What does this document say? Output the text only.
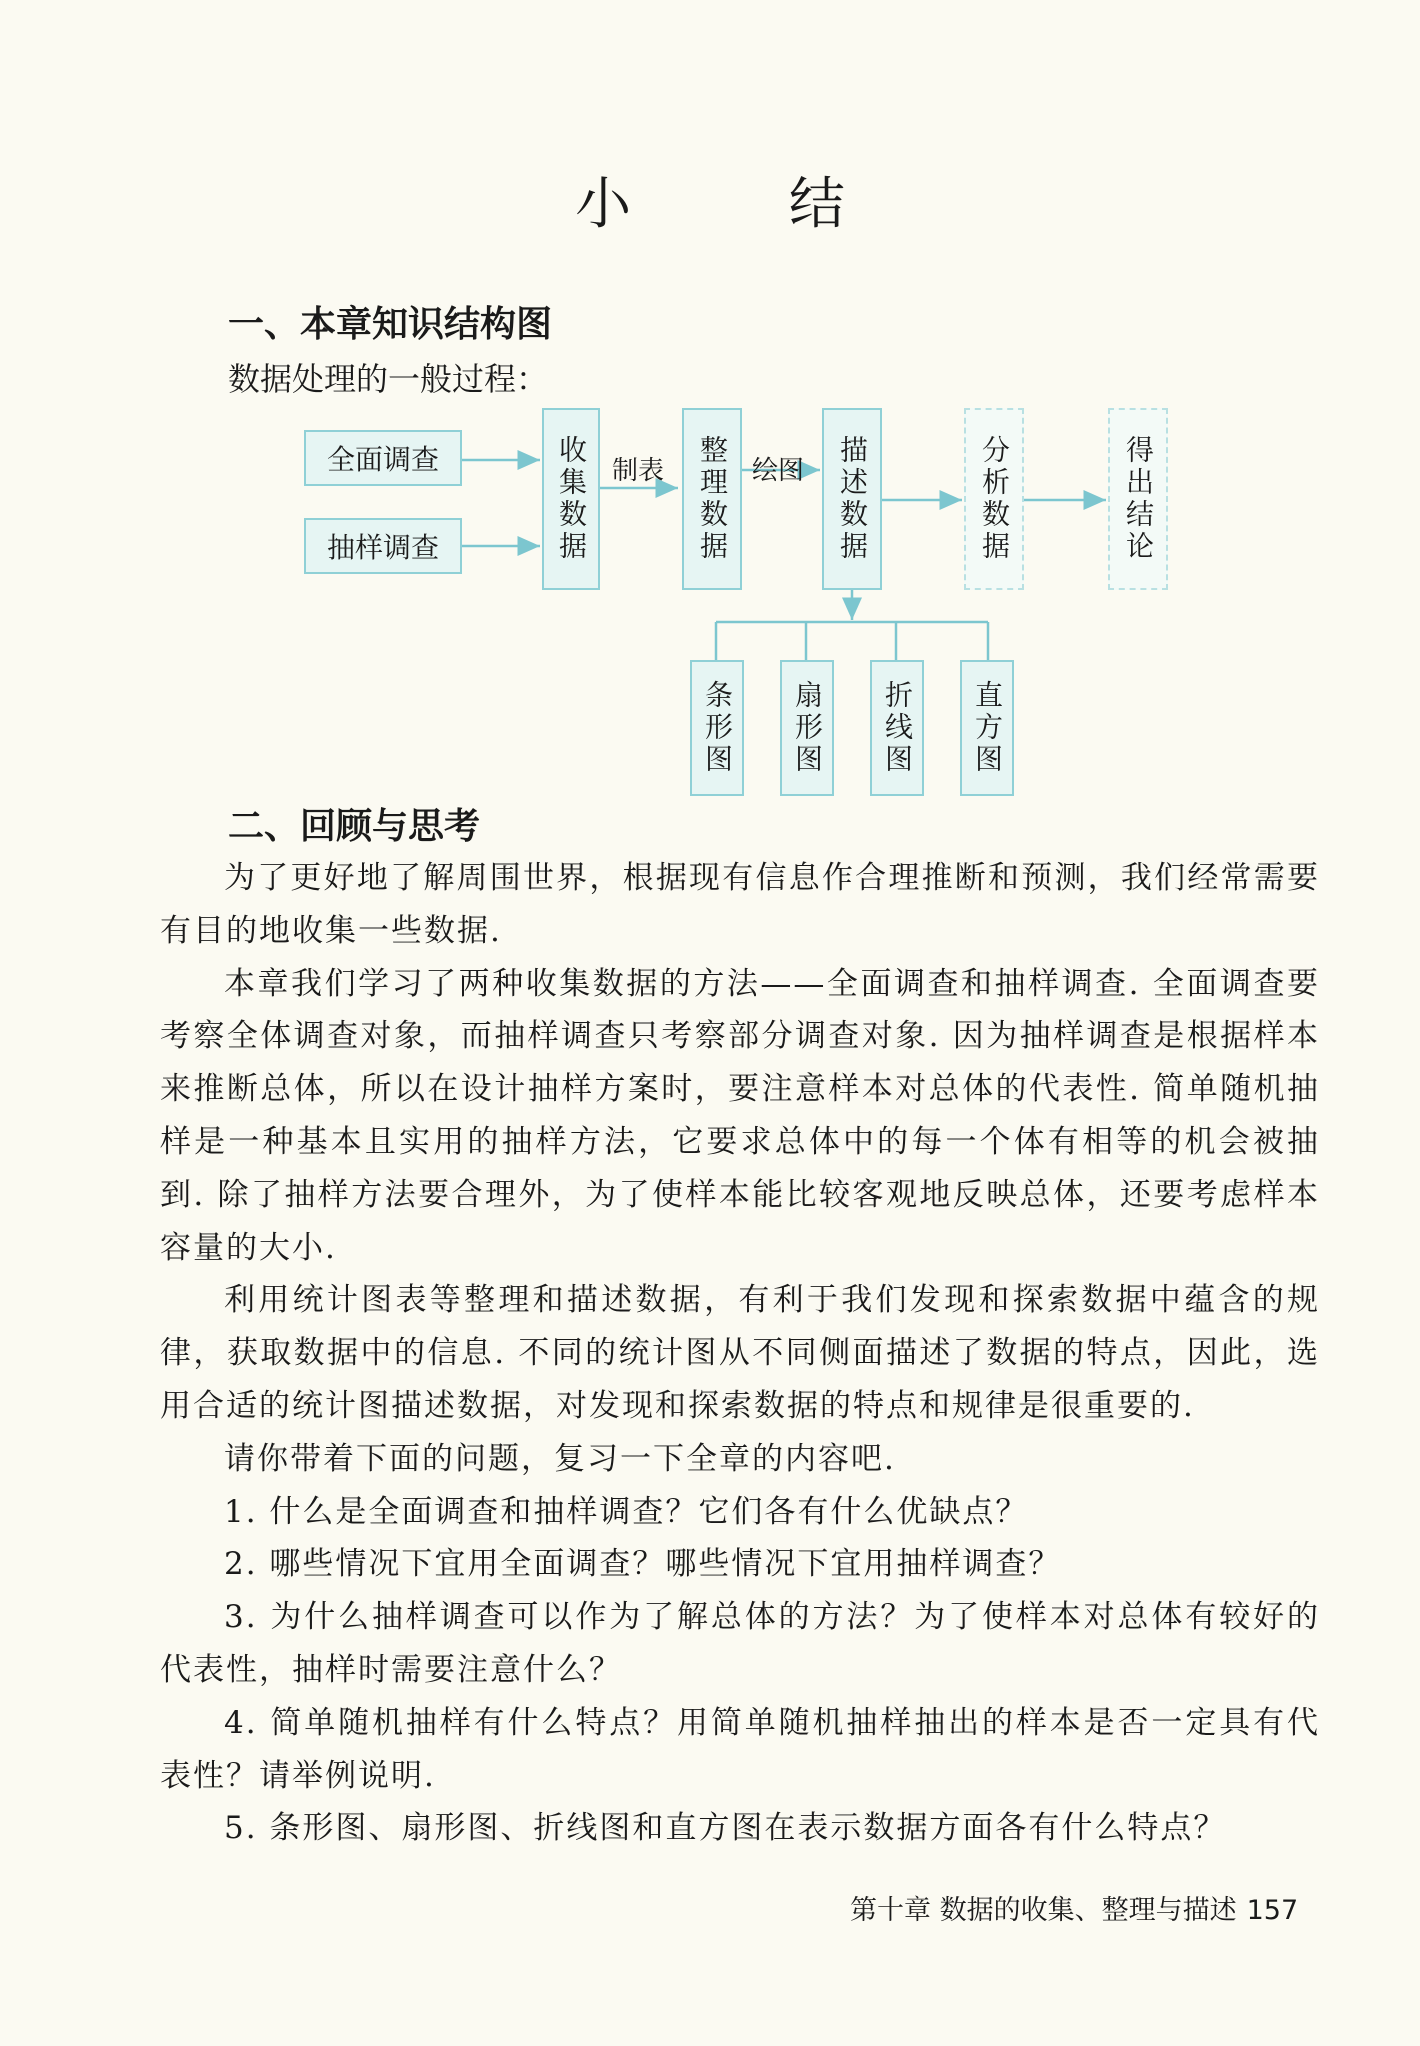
小 结
一、本章知识结构图
数据处理的一般过程：
全面调查
抽样调查	收集数据 制表	整理数据 绘图	描述数据	分析数据	得出结论
条形图	扇形图	折线图	直方图
二、回顾与思考

为了更好地了解周围世界，根据现有信息作合理推断和预测，我们经常需要有目的地收集一些数据.

本章我们学习了两种收集数据的方法——全面调查和抽样调查. 全面调查要考察全体调查对象，而抽样调查只考察部分调查对象. 因为抽样调查是根据样本来推断总体，所以在设计抽样方案时，要注意样本对总体的代表性. 简单随机抽样是一种基本且实用的抽样方法，它要求总体中的每一个体有相等的机会被抽到. 除了抽样方法要合理外，为了使样本能比较客观地反映总体，还要考虑样本容量的大小.

利用统计图表等整理和描述数据，有利于我们发现和探索数据中蕴含的规律，获取数据中的信息. 不同的统计图从不同侧面描述了数据的特点，因此，选用合适的统计图描述数据，对发现和探索数据的特点和规律是很重要的.

请你带着下面的问题，复习一下全章的内容吧.

1. 什么是全面调查和抽样调查？它们各有什么优缺点？

2. 哪些情况下宜用全面调查？哪些情况下宜用抽样调查？

3. 为什么抽样调查可以作为了解总体的方法？为了使样本对总体有较好的代表性，抽样时需要注意什么？

4. 简单随机抽样有什么特点？用简单随机抽样抽出的样本是否一定具有代表性？请举例说明.

5. 条形图、扇形图、折线图和直方图在表示数据方面各有什么特点？

第十章 数据的收集、整理与描述 157
